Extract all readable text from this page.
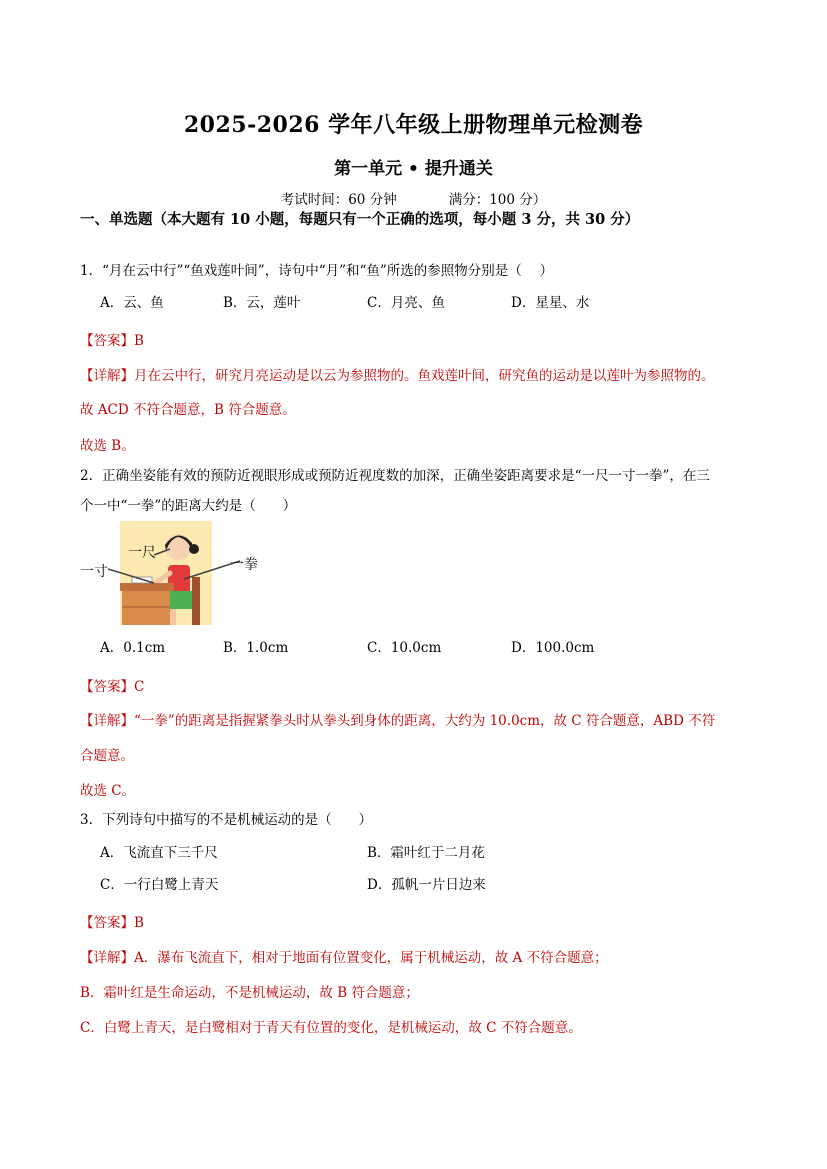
2025-2026 学年八年级上册物理单元检测卷
第一单元 • 提升通关
考试时间：60 分钟	满分：100 分）
一、单选题（本大题有 10 小题，每题只有一个正确的选项，每小题 3 分，共 30 分）
1．“月在云中行”“鱼戏莲叶间”，诗句中“月”和“鱼”所选的参照物分别是（　 ）
A．云、鱼	B．云，莲叶	C．月亮、鱼	D．星星、水
【答案】B
【详解】月在云中行，研究月亮运动是以云为参照物的。鱼戏莲叶间，研究鱼的运动是以莲叶为参照物的。
故 ACD 不符合题意，B 符合题意。
故选 B。
2．正确坐姿能有效的预防近视眼形成或预防近视度数的加深，正确坐姿距离要求是“一尺一寸一拳”，在三
个一中“一拳”的距离大约是（　　）
一寸
一尺
一拳
A．0.1cm	B．1.0cm	C．10.0cm	D．100.0cm
【答案】C
【详解】“一拳”的距离是指握紧拳头时从拳头到身体的距离，大约为 10.0cm，故 C 符合题意，ABD 不符
合题意。
故选 C。
3．下列诗句中描写的不是机械运动的是（　　）
A．飞流直下三千尺	B．霜叶红于二月花
C．一行白鹭上青天	D．孤帆一片日边来
【答案】B
【详解】A．瀑布飞流直下，相对于地面有位置变化，属于机械运动，故 A 不符合题意；
B．霜叶红是生命运动，不是机械运动，故 B 符合题意；
C．白鹭上青天，是白鹭相对于青天有位置的变化，是机械运动，故 C 不符合题意。
